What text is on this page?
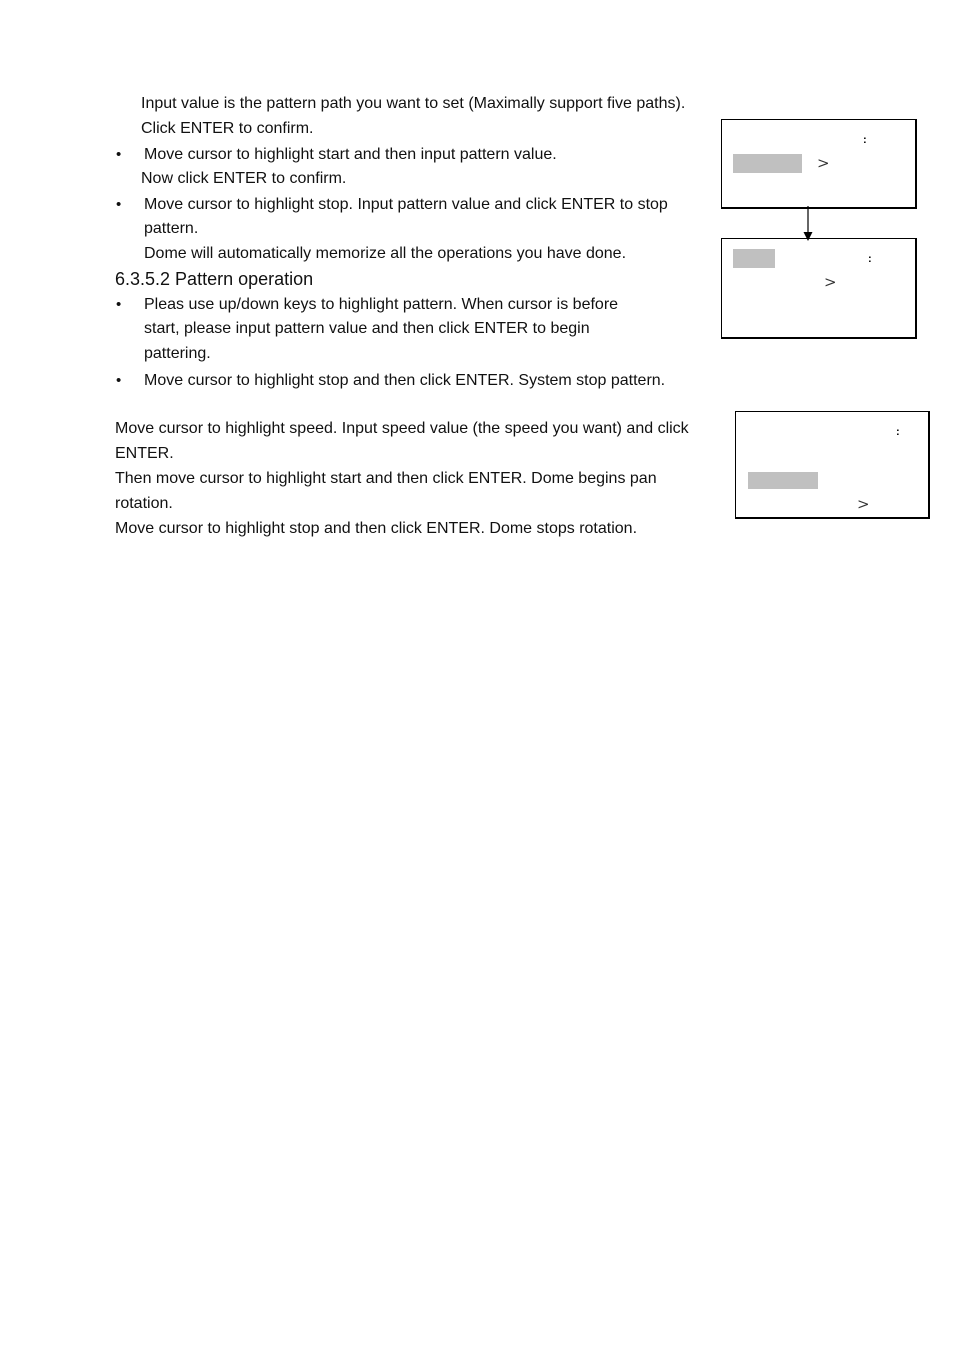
Input value is the pattern path you want to set (Maximally support five paths).
Click ENTER to confirm.
• Move cursor to highlight start and then input pattern value.
Now click ENTER to confirm.
• Move cursor to highlight stop. Input pattern value and click ENTER to stop
pattern.
Dome will automatically memorize all the operations you have done.
6.3.5.2 Pattern operation
• Pleas use up/down keys to highlight pattern. When cursor is before
start, please input pattern value and then click ENTER to begin
pattering.
• Move cursor to highlight stop and then click ENTER. System stop pattern.
Move cursor to highlight speed. Input speed value (the speed you want) and click
ENTER.
Then move cursor to highlight start and then click ENTER. Dome begins pan
rotation.
Move cursor to highlight stop and then click ENTER. Dome stops rotation.
:
>
:
>
:
>
